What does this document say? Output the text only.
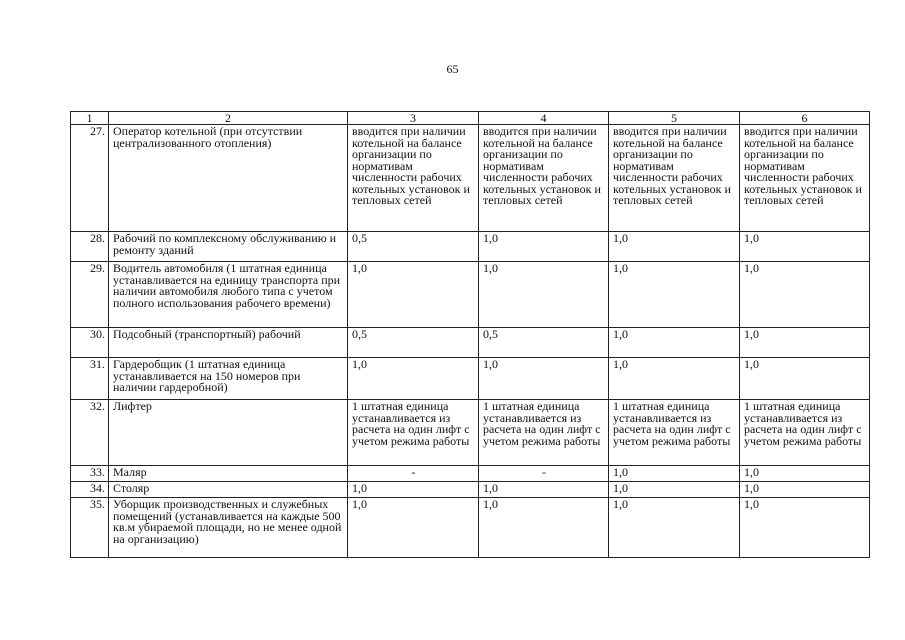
65
1	2	3	4	5	6
27.	Оператор котельной (при отсутствии централизованного отопления)	вводится при наличии котельной на балансе организации по нормативам численности рабочих котельных установок и тепловых сетей	вводится при наличии котельной на балансе организации по нормативам численности рабочих котельных установок и тепловых сетей	вводится при наличии котельной на балансе организации по нормативам численности рабочих котельных установок и тепловых сетей	вводится при наличии котельной на балансе организации по нормативам численности рабочих котельных установок и тепловых сетей
28.	Рабочий по комплексному обслуживанию и ремонту зданий	0,5	1,0	1,0	1,0
29.	Водитель автомобиля (1 штатная единица устанавливается на единицу транспорта при наличии автомобиля любого типа с учетом полного использования рабочего времени)	1,0	1,0	1,0	1,0
30.	Подсобный (транспортный) рабочий	0,5	0,5	1,0	1,0
31.	Гардеробщик (1 штатная единица устанавливается на 150 номеров при наличии гардеробной)	1,0	1,0	1,0	1,0
32.	Лифтер	1 штатная единица устанавливается из расчета на один лифт с учетом режима работы	1 штатная единица устанавливается из расчета на один лифт с учетом режима работы	1 штатная единица устанавливается из расчета на один лифт с учетом режима работы	1 штатная единица устанавливается из расчета на один лифт с учетом режима работы
33.	Маляр	-	-	1,0	1,0
34.	Столяр	1,0	1,0	1,0	1,0
35.	Уборщик производственных и служебных помещений (устанавливается на каждые 500 кв.м убираемой площади, но не менее одной на организацию)	1,0	1,0	1,0	1,0
